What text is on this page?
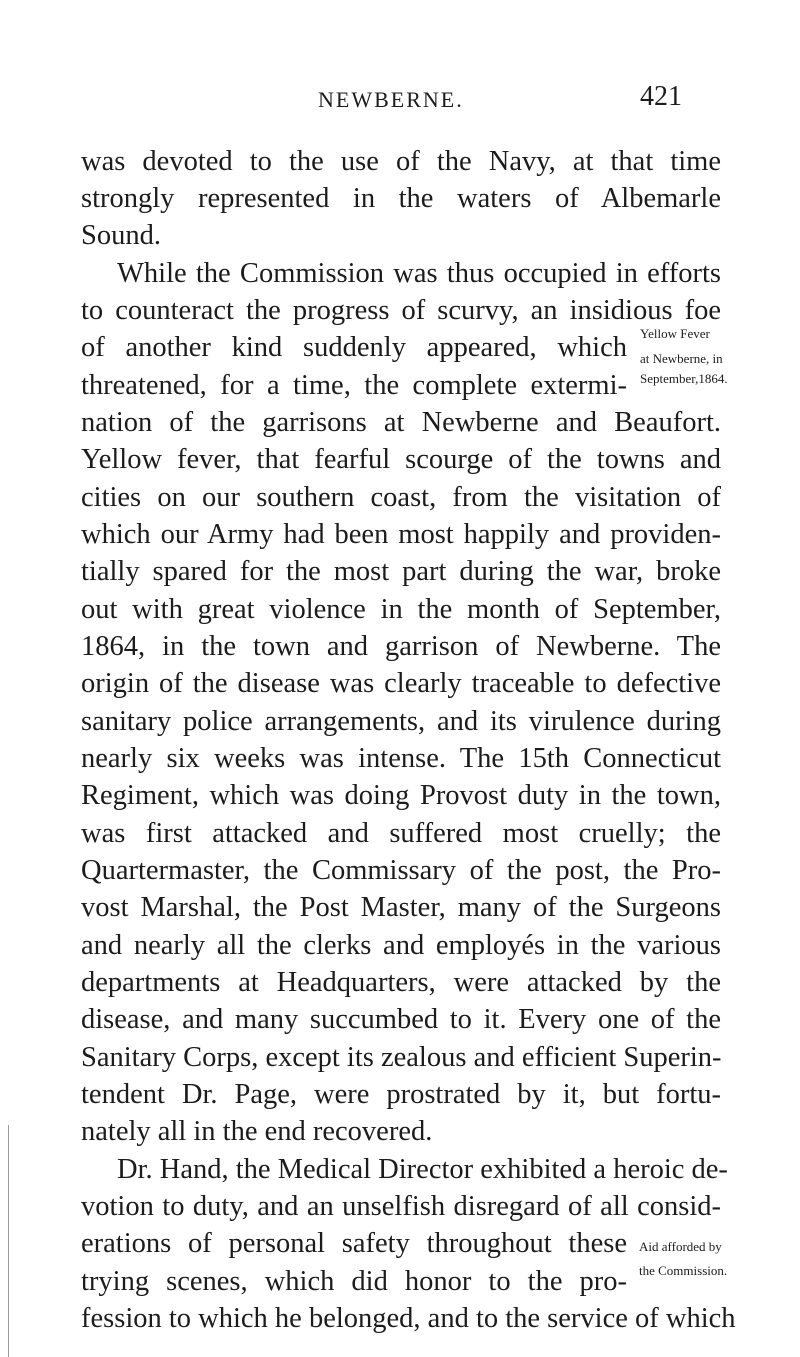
NEWBERNE.	421
was devoted to the use of the Navy, at that time
strongly represented in the waters of Albemarle
Sound.
While the Commission was thus occupied in efforts
to counteract the progress of scurvy, an insidious foe
of another kind suddenly appeared, which
threatened, for a time, the complete extermi-
nation of the garrisons at Newberne and Beaufort.
Yellow fever, that fearful scourge of the towns and
cities on our southern coast, from the visitation of
which our Army had been most happily and providen-
tially spared for the most part during the war, broke
out with great violence in the month of September,
1864, in the town and garrison of Newberne. The
origin of the disease was clearly traceable to defective
sanitary police arrangements, and its virulence during
nearly six weeks was intense. The 15th Connecticut
Regiment, which was doing Provost duty in the town,
was first attacked and suffered most cruelly; the
Quartermaster, the Commissary of the post, the Pro-
vost Marshal, the Post Master, many of the Surgeons
and nearly all the clerks and employés in the various
departments at Headquarters, were attacked by the
disease, and many succumbed to it. Every one of the
Sanitary Corps, except its zealous and efficient Superin-
tendent Dr. Page, were prostrated by it, but fortu-
nately all in the end recovered.
Dr. Hand, the Medical Director exhibited a heroic de-
votion to duty, and an unselfish disregard of all consid-
erations of personal safety throughout these
trying scenes, which did honor to the pro-
fession to which he belonged, and to the service of which
Yellow Fever
at Newberne, in
September,1864.
Aid afforded by
the Commission.
